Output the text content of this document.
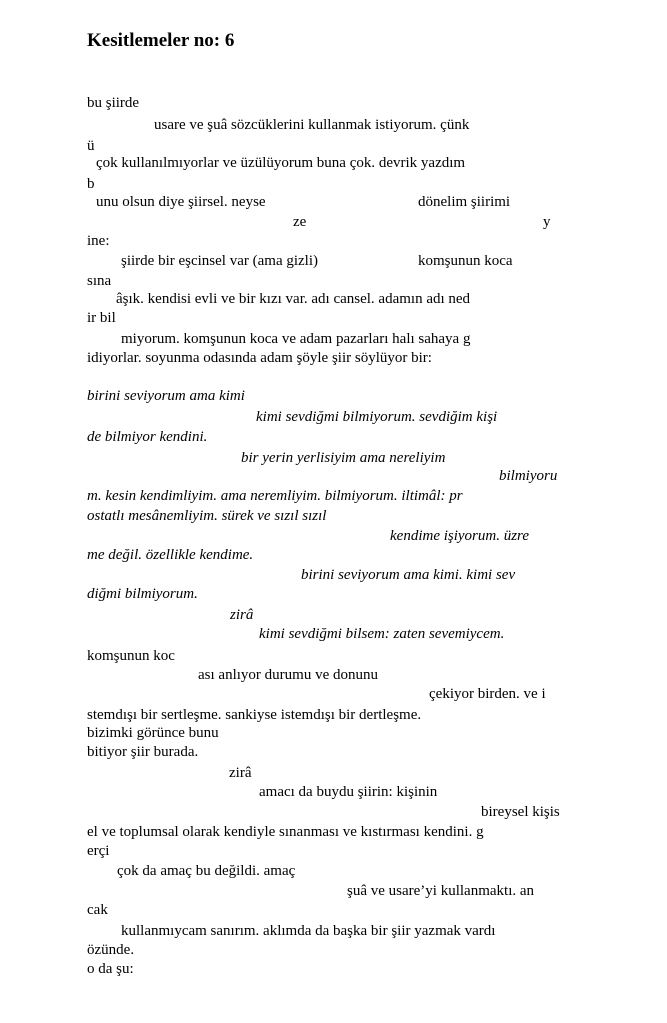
Kesitlemeler no: 6
bu şiirde
usare ve şuâ sözcüklerini kullanmak istiyorum. çünk
ü
çok kullanılmıyorlar ve üzülüyorum buna çok. devrik yazdım
b
unu olsun diye şiirsel. neyse	dönelim şiirimi
ze	y
ine:
şiirde bir eşcinsel var (ama gizli)	komşunun koca
sına
âşık. kendisi evli ve bir kızı var. adı cansel. adamın adı ned
ir bil
miyorum. komşunun koca ve adam pazarları halı sahaya g
idiyorlar. soyunma odasında adam şöyle şiir söylüyor bir:
birini seviyorum ama kimi
kimi sevdiğmi bilmiyorum. sevdiğim kişi
de bilmiyor kendini.
bir yerin yerlisiyim ama nereliyim
bilmiyoru
m. kesin kendimliyim. ama neremliyim. bilmiyorum. iltimâl: pr
ostatlı mesânemliyim. sürek ve sızıl sızıl
kendime işiyorum. üzre
me değil. özellikle kendime.
birini seviyorum ama kimi. kimi sev
diğmi bilmiyorum.
zirâ
kimi sevdiğmi bilsem: zaten sevemiycem.
komşunun koc
ası anlıyor durumu ve donunu
çekiyor birden. ve i
stemdışı bir sertleşme. sankiyse istemdışı bir dertleşme.
bizimki görünce bunu
bitiyor şiir burada.
zirâ
amacı da buydu şiirin: kişinin
bireysel kişis
el ve toplumsal olarak kendiyle sınanması ve kıstırması kendini. g
erçi
çok da amaç bu değildi. amaç
şuâ ve usare’yi kullanmaktı. an
cak
kullanmıycam sanırım. aklımda da başka bir şiir yazmak vardı
özünde.
o da şu:
